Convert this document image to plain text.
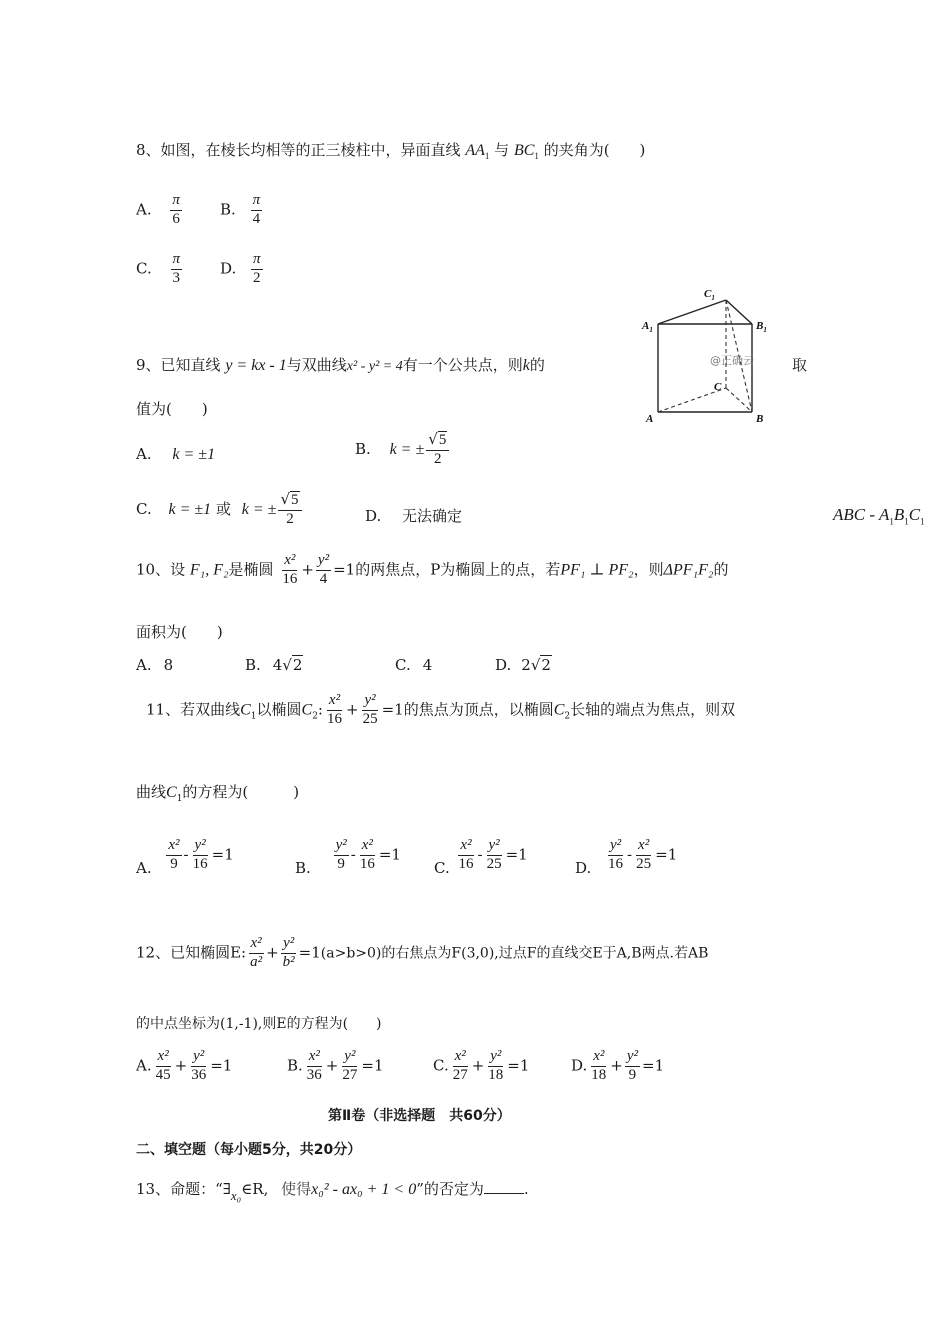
8、如图，在棱长均相等的正三棱柱中，异面直线 $AA_1$ 与 $BC_1$ 的夹角为(　　)
A. $\frac{\pi}{6}$	B. $\frac{\pi}{4}$
C. $\frac{\pi}{3}$	D. $\frac{\pi}{2}$
$C_1$
$A_1$	$B_1$
C
A	B
@正确云
9、已知直线 y = kx - 1与双曲线x² - y² = 4有一个公共点，则k的	取
值为(　　)
A. k = ±1	B. k = ± $\frac{√5}{2}$
C. k = ±1 或 k = ± $\frac{√5}{2}$	D. 无法确定	ABC - $A_1B_1C_1$
10、设 F₁, F₂是椭圆 $\frac{\text{x²}}{16} + \frac{\text{y²}}{4} =1$的两焦点，P为椭圆上的点，若PF₁ ⊥ PF₂，则ΔPF₁F₂的
面积为(　　)
A. 8	B. 4√2	C. 4	D. 2√2
11、若双曲线$C_1$以椭圆$C_2$: $\frac{\text{x²}}{16} + \frac{\text{y²}}{25} =1$的焦点为顶点，以椭圆$C_2$长轴的端点为焦点，则双
曲线$C_1$的方程为(　　　)
A. $\frac{\text{x²}}{9} - \frac{\text{y²}}{16} =1$
B. $\frac{\text{y²}}{9} - \frac{\text{x²}}{16} =1$
C. $\frac{\text{x²}}{16} - \frac{\text{y²}}{25} =1$
D. $\frac{\text{y²}}{16} - \frac{\text{x²}}{25} =1$
12、已知椭圆E: $\frac{\text{x²}}{\text{a²}} + \frac{\text{y²}}{\text{b²}} =1(a>b>0)$的右焦点为F(3,0),过点F的直线交E于A,B两点.若AB
的中点坐标为(1,-1),则E的方程为(　　)
A. $\frac{\text{x²}}{45} + \frac{\text{y²}}{36} =1$	B. $\frac{\text{x²}}{36} + \frac{\text{y²}}{27} =1$	C. $\frac{\text{x²}}{27} + \frac{\text{y²}}{18} =1$	D. $\frac{\text{x²}}{18} + \frac{\text{y²}}{9} =1$
第Ⅱ卷（非选择题　共60分）
二、填空题（每小题5分，共20分）
13、命题：“∃x₀∈R, 使得x₀² - ax₀ + 1 < 0”的否定为	.
